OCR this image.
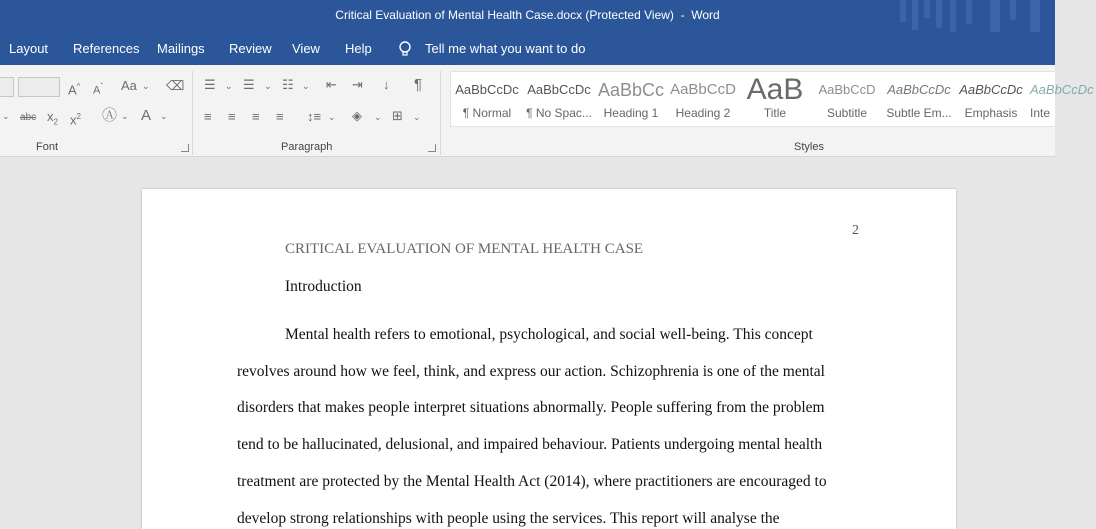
Critical Evaluation of Mental Health Case.docx (Protected View)  -  Word
Layout References Mailings Review View Help	Tell me what you want to do
A^ $A^ˇ$ Aa ⌄ ⌫
⌄ abc $x_2$ $x^2$ Ⓐ ⌄ A ⌄
Font
☰ ⌄ ☰ ⌄ ☷ ⌄ ⇤ ⇥ ↓ ¶
≡ ≡ ≡ ≡ ↕≡ ⌄ ◈ ⌄ ⊞ ⌄
Paragraph
AaBbCcDc
¶ Normal
AaBbCcDc
¶ No Spac...
AaBbCc
Heading 1
AaBbCcD
Heading 2
AaB
Title
AaBbCcD
Subtitle
AaBbCcDc
Subtle Em...
AaBbCcDc
Emphasis
AaBbCcDc
Inte
Styles
2
CRITICAL EVALUATION OF MENTAL HEALTH CASE
Introduction
Mental health refers to emotional, psychological, and social well-being. This concept
revolves around how we feel, think, and express our action. Schizophrenia is one of the mental
disorders that makes people interpret situations abnormally. People suffering from the problem
tend to be hallucinated, delusional, and impaired behaviour. Patients undergoing mental health
treatment are protected by the Mental Health Act (2014), where practitioners are encouraged to
develop strong relationships with people using the services. This report will analyse the
